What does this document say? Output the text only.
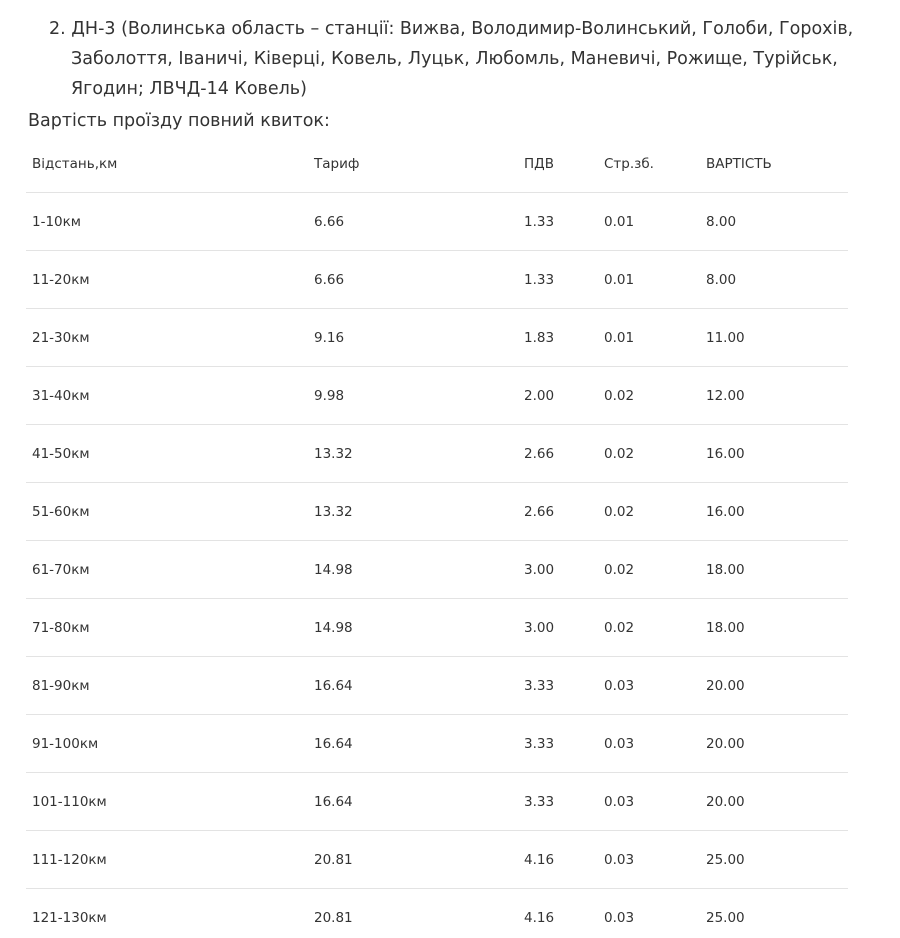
2. ДН-3 (Волинська область – станції: Вижва, Володимир-Волинський, Голоби, Горохів,
Заболоття, Іваничі, Ківерці, Ковель, Луцьк, Любомль, Маневичі, Рожище, Турійськ,
Ягодин; ЛВЧД-14 Ковель)
Вартість проїзду повний квиток:
Відстань,км	Тариф	ПДВ	Стр.зб.	ВАРТІСТЬ
1-10км	6.66	1.33	0.01	8.00
11-20км	6.66	1.33	0.01	8.00
21-30км	9.16	1.83	0.01	11.00
31-40км	9.98	2.00	0.02	12.00
41-50км	13.32	2.66	0.02	16.00
51-60км	13.32	2.66	0.02	16.00
61-70км	14.98	3.00	0.02	18.00
71-80км	14.98	3.00	0.02	18.00
81-90км	16.64	3.33	0.03	20.00
91-100км	16.64	3.33	0.03	20.00
101-110км	16.64	3.33	0.03	20.00
111-120км	20.81	4.16	0.03	25.00
121-130км	20.81	4.16	0.03	25.00
